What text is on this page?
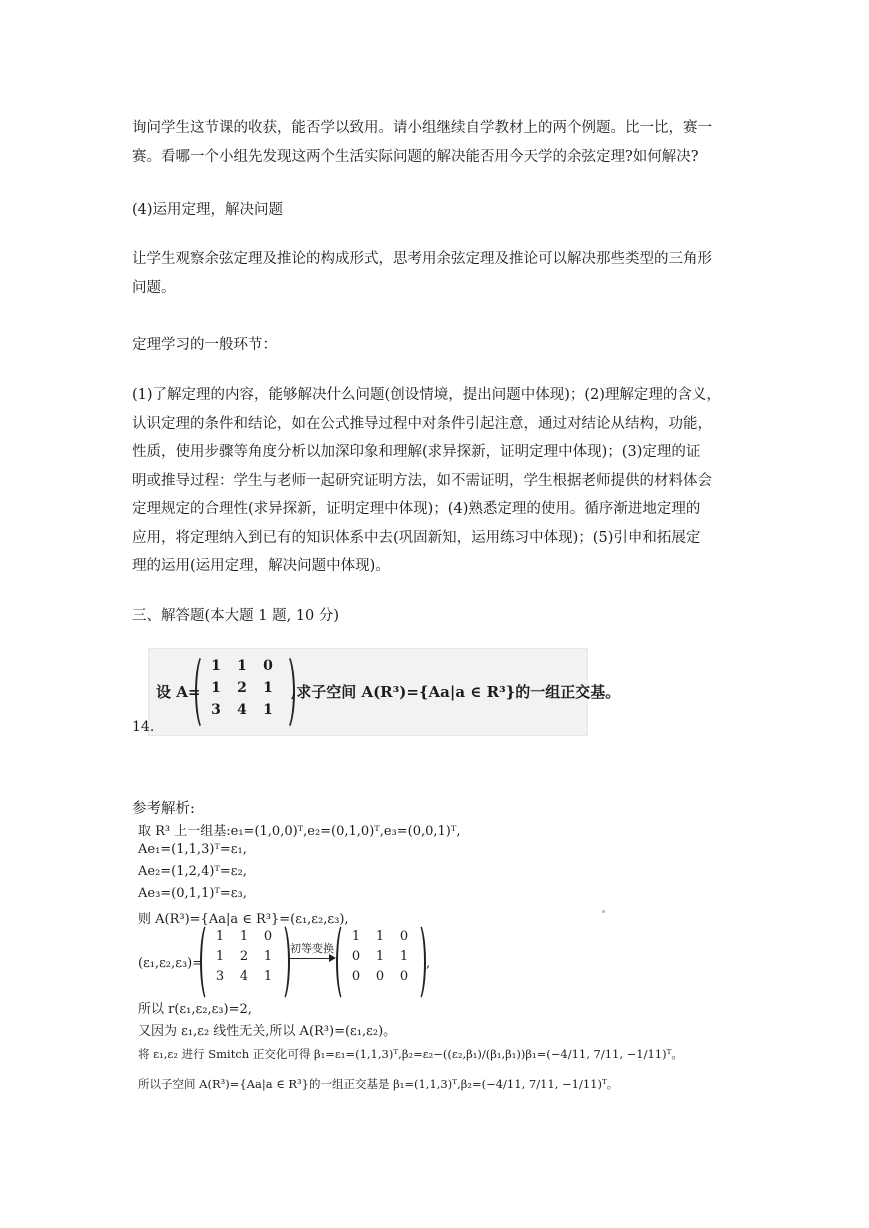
询问学生这节课的收获，能否学以致用。请小组继续自学教材上的两个例题。比一比，赛一
赛。看哪一个小组先发现这两个生活实际问题的解决能否用今天学的余弦定理?如何解决?

(4)运用定理，解决问题

让学生观察余弦定理及推论的构成形式，思考用余弦定理及推论可以解决那些类型的三角形
问题。

定理学习的一般环节：

(1)了解定理的内容，能够解决什么问题(创设情境，提出问题中体现)；(2)理解定理的含义，
认识定理的条件和结论，如在公式推导过程中对条件引起注意，通过对结论从结构，功能，
性质，使用步骤等角度分析以加深印象和理解(求异探新，证明定理中体现)；(3)定理的证
明或推导过程：学生与老师一起研究证明方法，如不需证明，学生根据老师提供的材料体会
定理规定的合理性(求异探新，证明定理中体现)；(4)熟悉定理的使用。循序渐进地定理的
应用，将定理纳入到已有的知识体系中去(巩固新知，运用练习中体现)；(5)引申和拓展定
理的运用(运用定理，解决问题中体现)。

三、解答题(本大题 1 题, 10 分)
设 A=
1	1	0
1	2	1
3	4	1
,求子空间 A(R³)={Aa|a ∈ R³}的一组正交基。
14.
参考解析:
取 R³ 上一组基:e₁=(1,0,0)ᵀ,e₂=(0,1,0)ᵀ,e₃=(0,0,1)ᵀ,
Ae₁=(1,1,3)ᵀ=ε₁,
Ae₂=(1,2,4)ᵀ=ε₂,
Ae₃=(0,1,1)ᵀ=ε₃,
则 A(R³)={Aa|a ∈ R³}=(ε₁,ε₂,ε₃),
(ε₁,ε₂,ε₃)=
1	1	0
1	2	1
3	4	1
初等变换
1	1	0
0	1	1
0	0	0
,
所以 r(ε₁,ε₂,ε₃)=2,
又因为 ε₁,ε₂ 线性无关,所以 A(R³)=(ε₁,ε₂)。
将 ε₁,ε₂ 进行 Smitch 正交化可得 β₁=ε₁=(1,1,3)ᵀ,β₂=ε₂−((ε₂,β₁)/(β₁,β₁))β₁=(−4/11, 7/11, −1/11)ᵀ。
所以子空间 A(R³)={Aa|a ∈ R³}的一组正交基是 β₁=(1,1,3)ᵀ,β₂=(−4/11, 7/11, −1/11)ᵀ。
